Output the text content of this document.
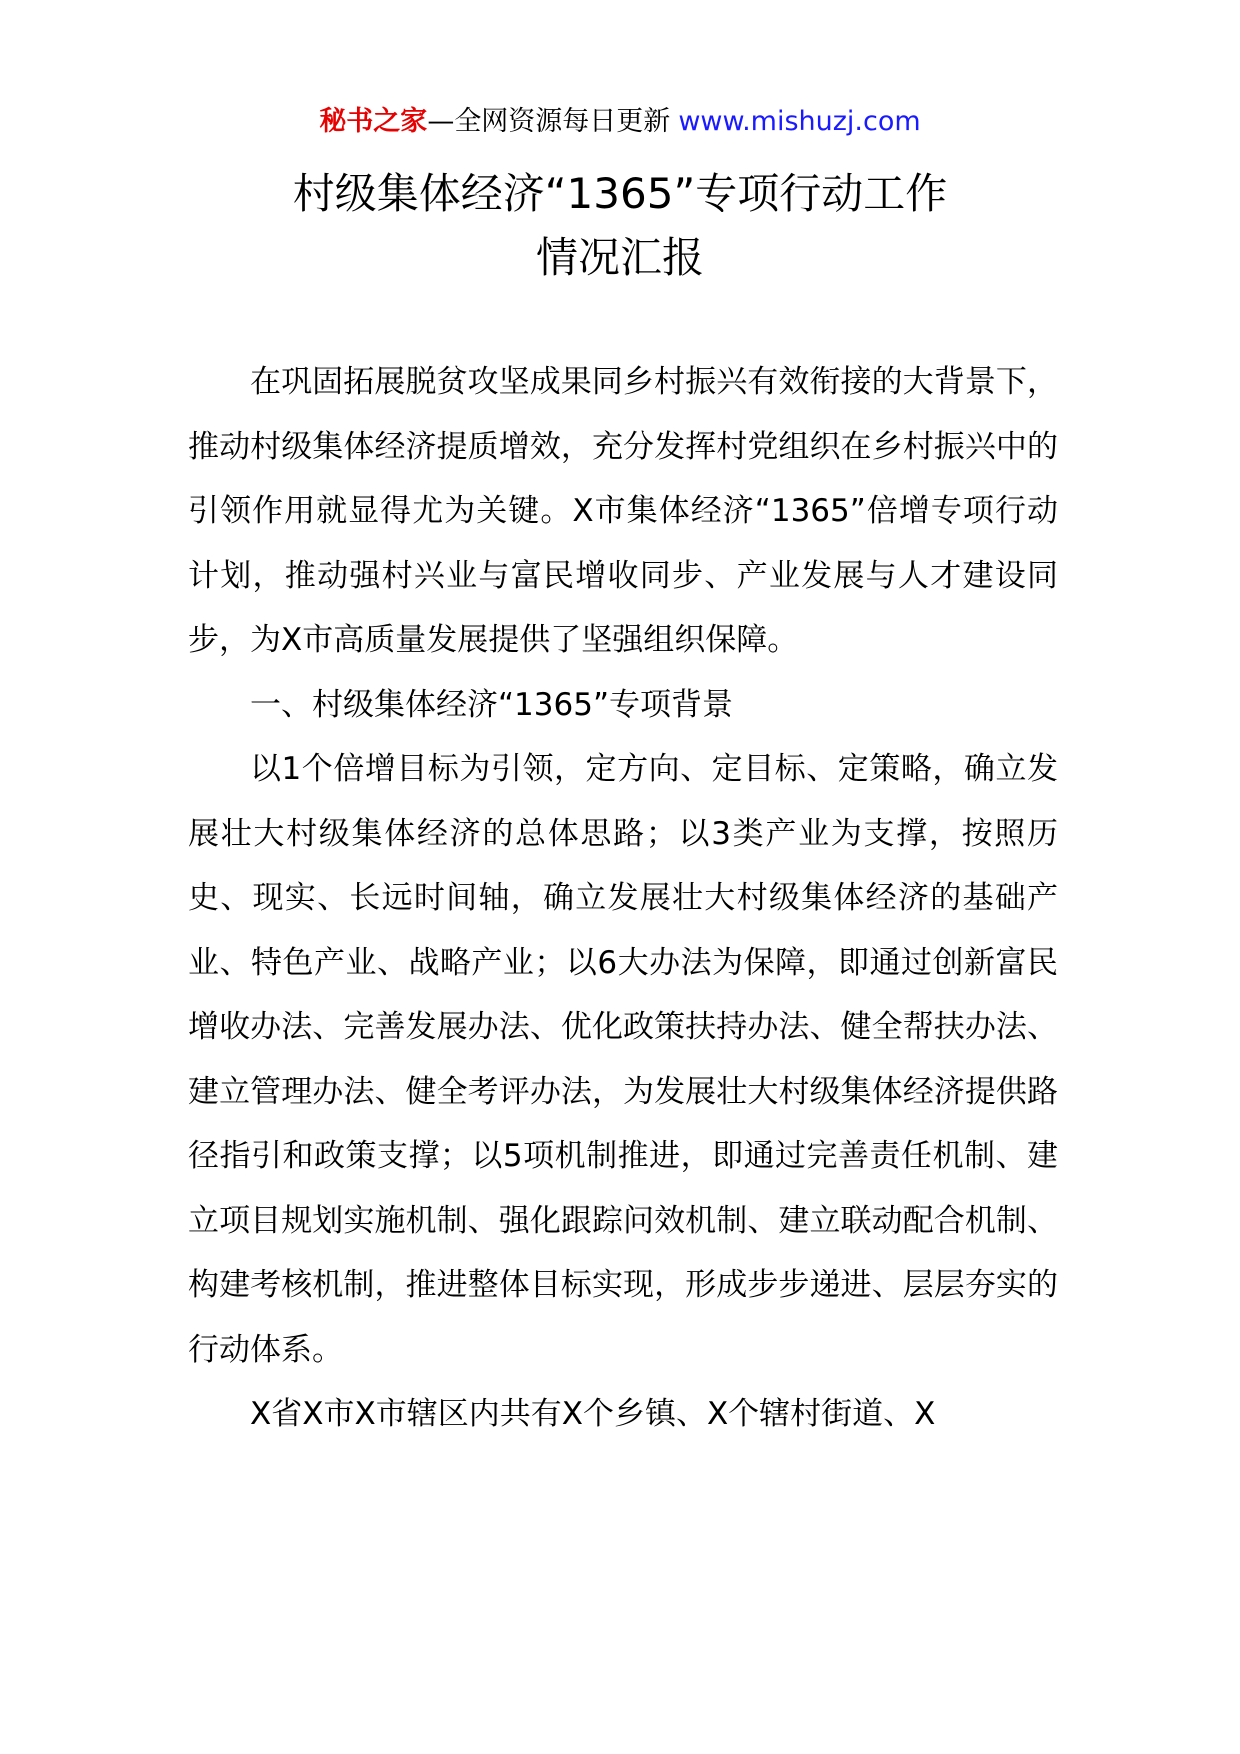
秘书之家—全网资源每日更新 www.mishuzj.com
村级集体经济“1365”专项行动工作
情况汇报

在巩固拓展脱贫攻坚成果同乡村振兴有效衔接的大背景下，推动村级集体经济提质增效，充分发挥村党组织在乡村振兴中的引领作用就显得尤为关键。X市集体经济“1365”倍增专项行动计划，推动强村兴业与富民增收同步、产业发展与人才建设同步，为X市高质量发展提供了坚强组织保障。

一、村级集体经济“1365”专项背景

以1个倍增目标为引领，定方向、定目标、定策略，确立发展壮大村级集体经济的总体思路；以3类产业为支撑，按照历史、现实、长远时间轴，确立发展壮大村级集体经济的基础产业、特色产业、战略产业；以6大办法为保障，即通过创新富民增收办法、完善发展办法、优化政策扶持办法、健全帮扶办法、建立管理办法、健全考评办法，为发展壮大村级集体经济提供路径指引和政策支撑；以5项机制推进，即通过完善责任机制、建立项目规划实施机制、强化跟踪问效机制、建立联动配合机制、构建考核机制，推进整体目标实现，形成步步递进、层层夯实的行动体系。

X省X市X市辖区内共有X个乡镇、X个辖村街道、X
